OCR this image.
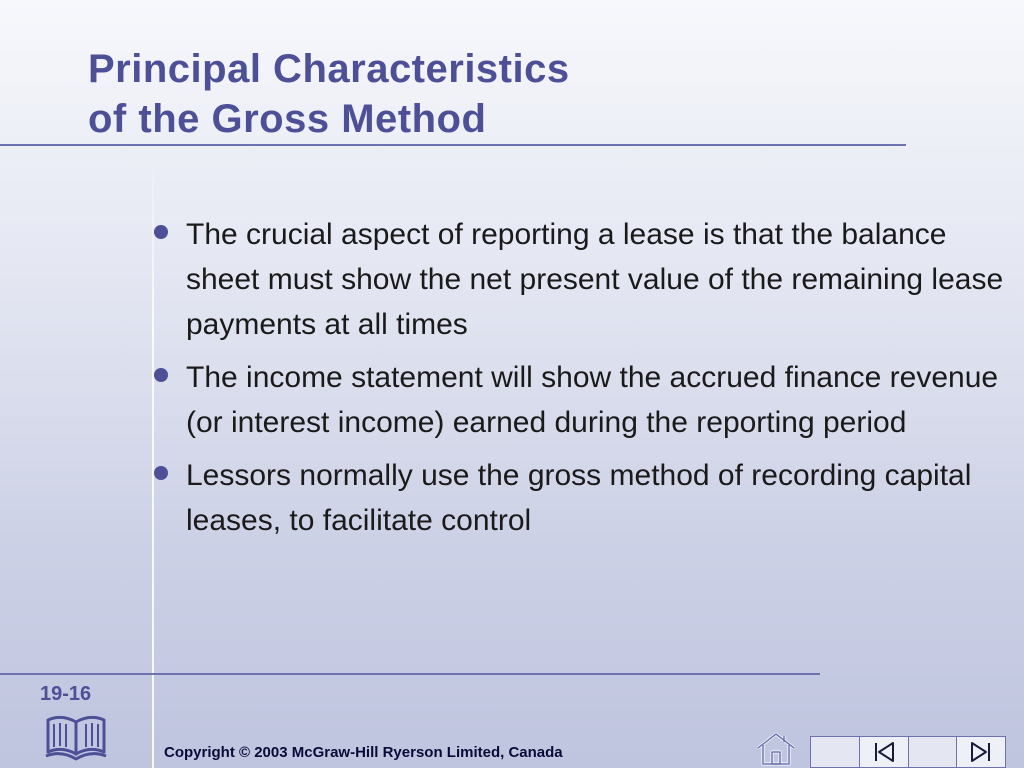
Principal Characteristics
of the Gross Method
The crucial aspect of reporting a lease is that the balance sheet must show the net present value of the remaining lease payments at all times
The income statement will show the accrued finance revenue (or interest income) earned during the reporting period
Lessors normally use the gross method of recording capital leases, to facilitate control
19-16
Copyright © 2003 McGraw-Hill Ryerson Limited, Canada
